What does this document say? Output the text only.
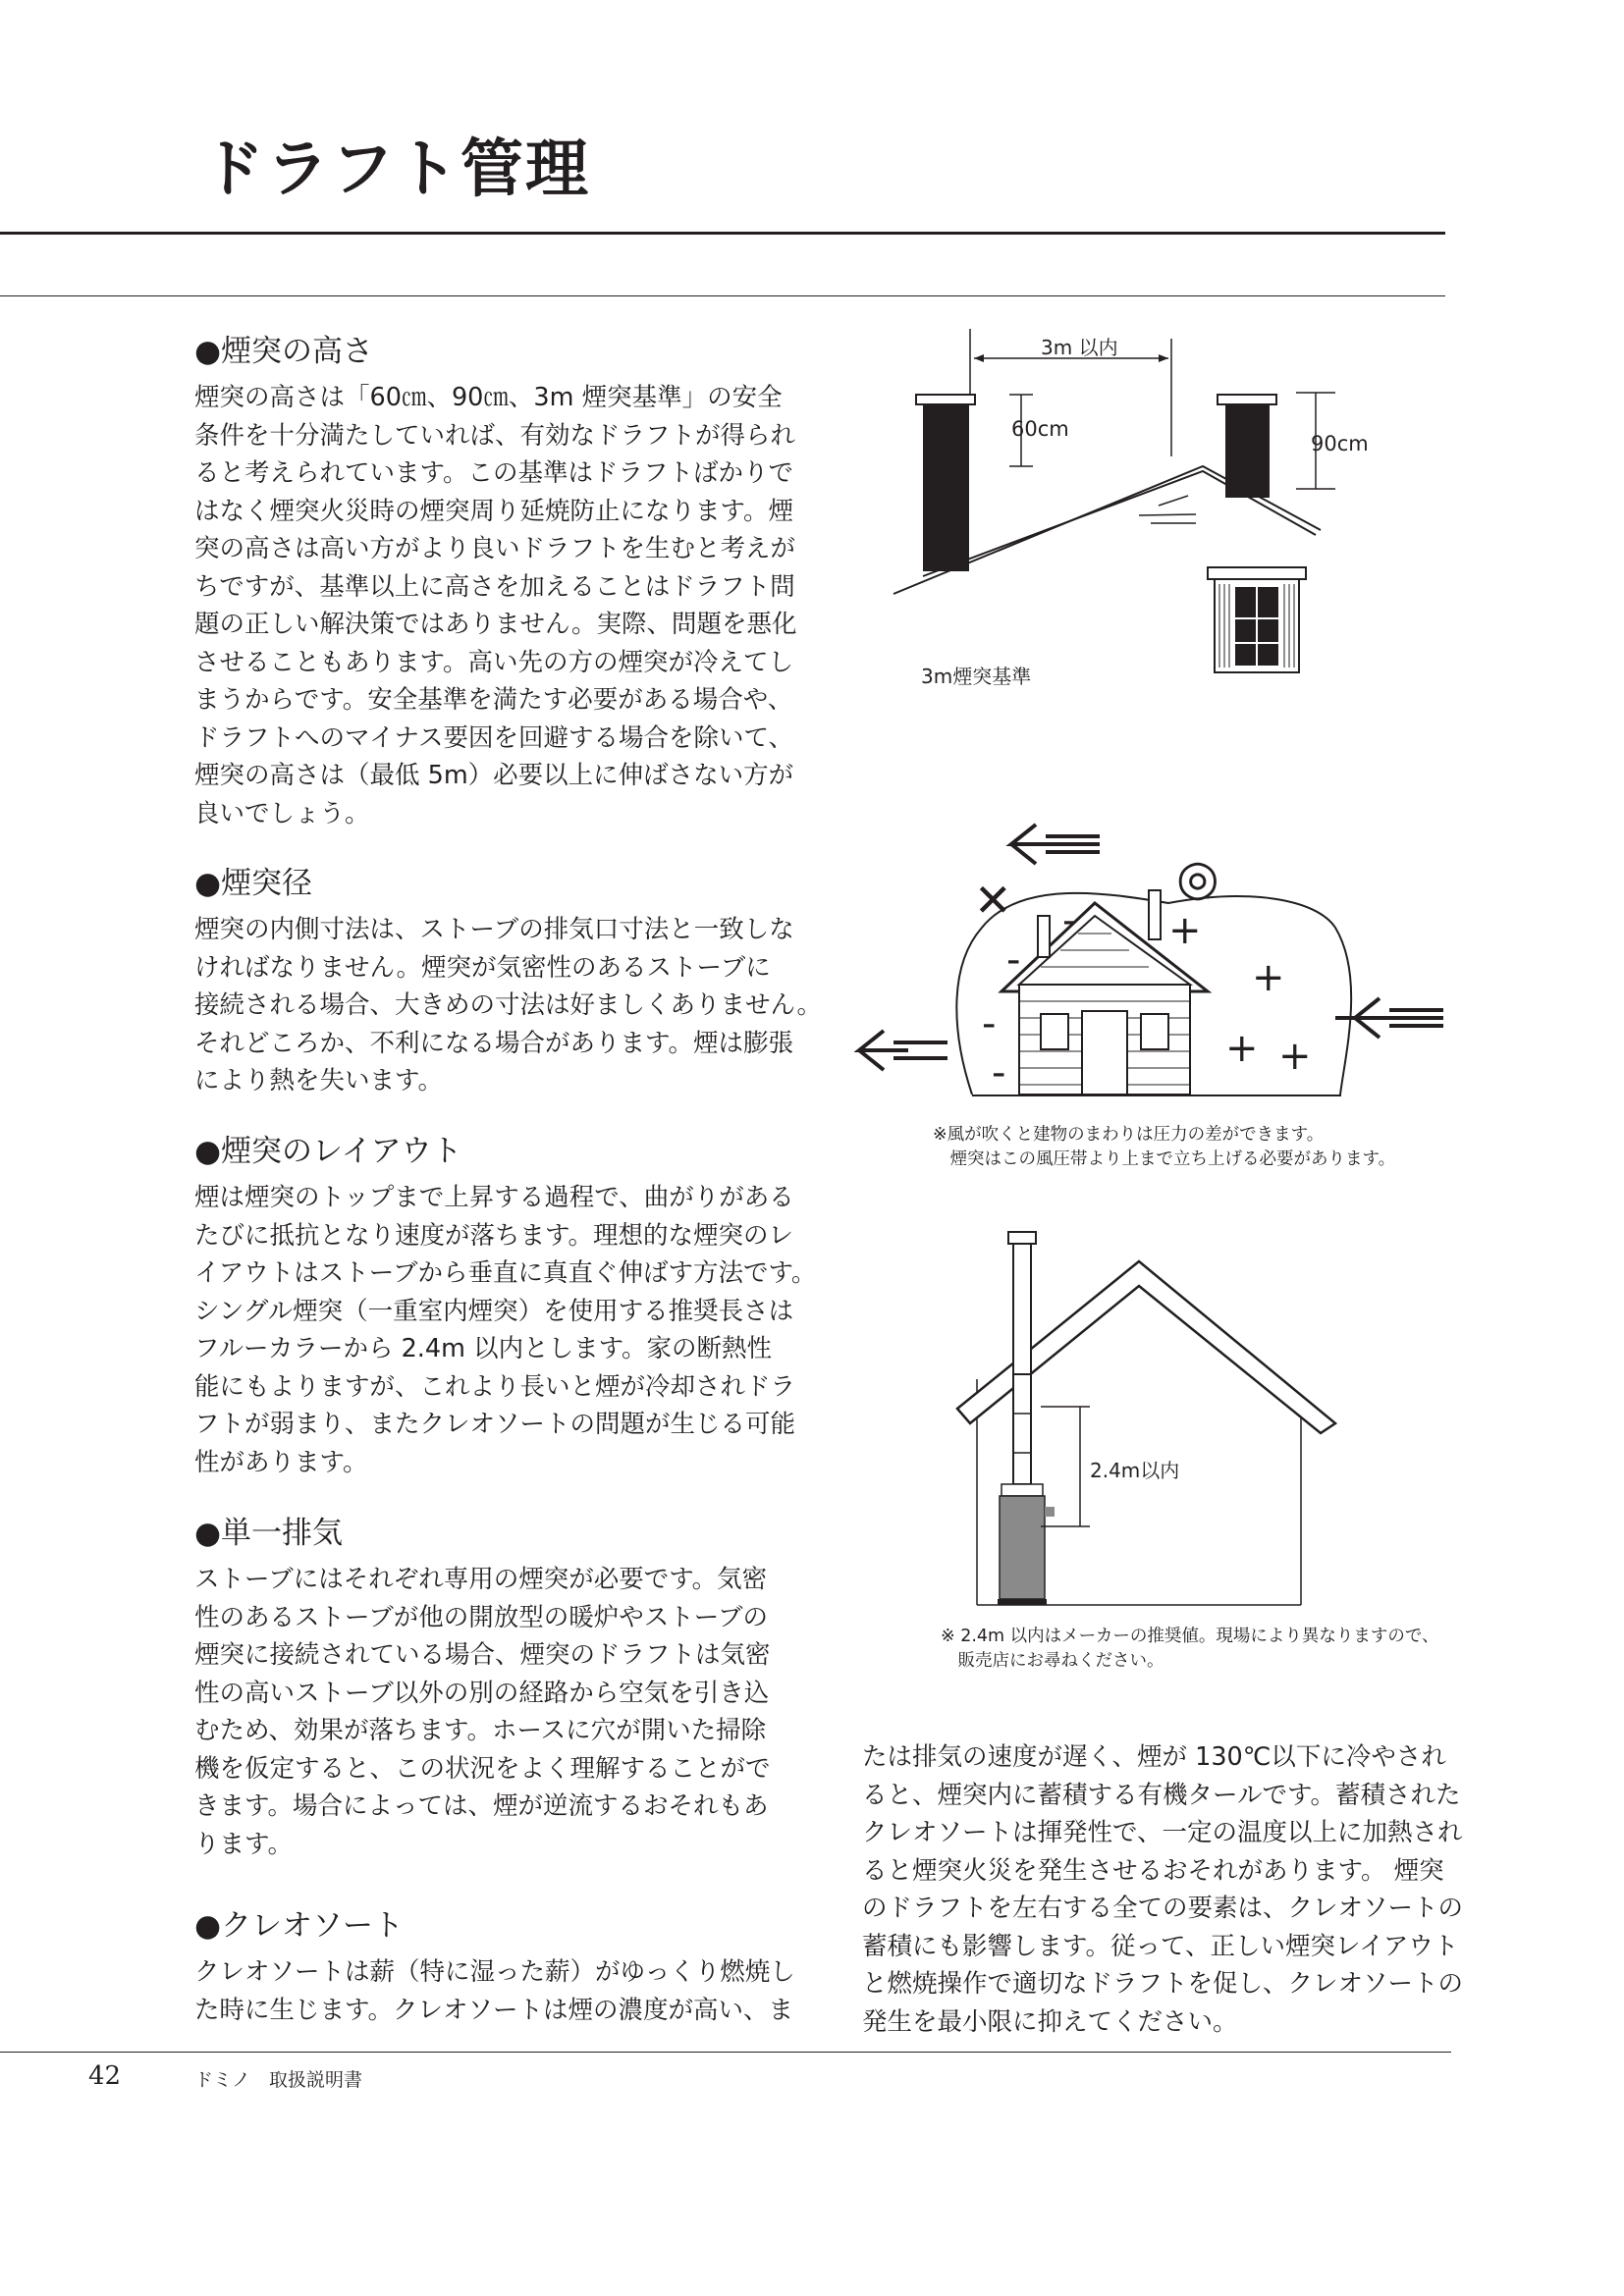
ドラフト管理
●煙突の高さ
煙突の高さは「60㎝、90㎝、3m 煙突基準」の安全
条件を十分満たしていれば、有効なドラフトが得られ
ると考えられています。この基準はドラフトばかりで
はなく煙突火災時の煙突周り延焼防止になります。煙
突の高さは高い方がより良いドラフトを生むと考えが
ちですが、基準以上に高さを加えることはドラフト問
題の正しい解決策ではありません。実際、問題を悪化
させることもあります。高い先の方の煙突が冷えてし
まうからです。安全基準を満たす必要がある場合や、
ドラフトへのマイナス要因を回避する場合を除いて、
煙突の高さは（最低 5m）必要以上に伸ばさない方が
良いでしょう。
●煙突径
煙突の内側寸法は、ストーブの排気口寸法と一致しな
ければなりません。煙突が気密性のあるストーブに
接続される場合、大きめの寸法は好ましくありません。
それどころか、不利になる場合があります。煙は膨張
により熱を失います。
●煙突のレイアウト
煙は煙突のトップまで上昇する過程で、曲がりがある
たびに抵抗となり速度が落ちます。理想的な煙突のレ
イアウトはストーブから垂直に真直ぐ伸ばす方法です。
シングル煙突（一重室内煙突）を使用する推奨長さは
フルーカラーから 2.4m 以内とします。家の断熱性
能にもよりますが、これより長いと煙が冷却されドラ
フトが弱まり、またクレオソートの問題が生じる可能
性があります。
●単一排気
ストーブにはそれぞれ専用の煙突が必要です。気密
性のあるストーブが他の開放型の暖炉やストーブの
煙突に接続されている場合、煙突のドラフトは気密
性の高いストーブ以外の別の経路から空気を引き込
むため、効果が落ちます。ホースに穴が開いた掃除
機を仮定すると、この状況をよく理解することがで
きます。場合によっては、煙が逆流するおそれもあ
ります。
●クレオソート
クレオソートは薪（特に湿った薪）がゆっくり燃焼し
た時に生じます。クレオソートは煙の濃度が高い、ま
たは排気の速度が遅く、煙が 130℃以下に冷やされ
ると、煙突内に蓄積する有機タールです。蓄積された
クレオソートは揮発性で、一定の温度以上に加熱され
ると煙突火災を発生させるおそれがあります。 煙突
のドラフトを左右する全ての要素は、クレオソートの
蓄積にも影響します。従って、正しい煙突レイアウト
と燃焼操作で適切なドラフトを促し、クレオソートの
発生を最小限に抑えてください。
3m 以内
60cm
90cm
3m煙突基準
✕	◎
+
+
+ +
-
-
-
-
※風が吹くと建物のまわりは圧力の差ができます。
　煙突はこの風圧帯より上まで立ち上げる必要があります。
2.4m以内
※ 2.4m 以内はメーカーの推奨値。現場により異なりますので、
　販売店にお尋ねください。
42	ドミノ　取扱説明書
